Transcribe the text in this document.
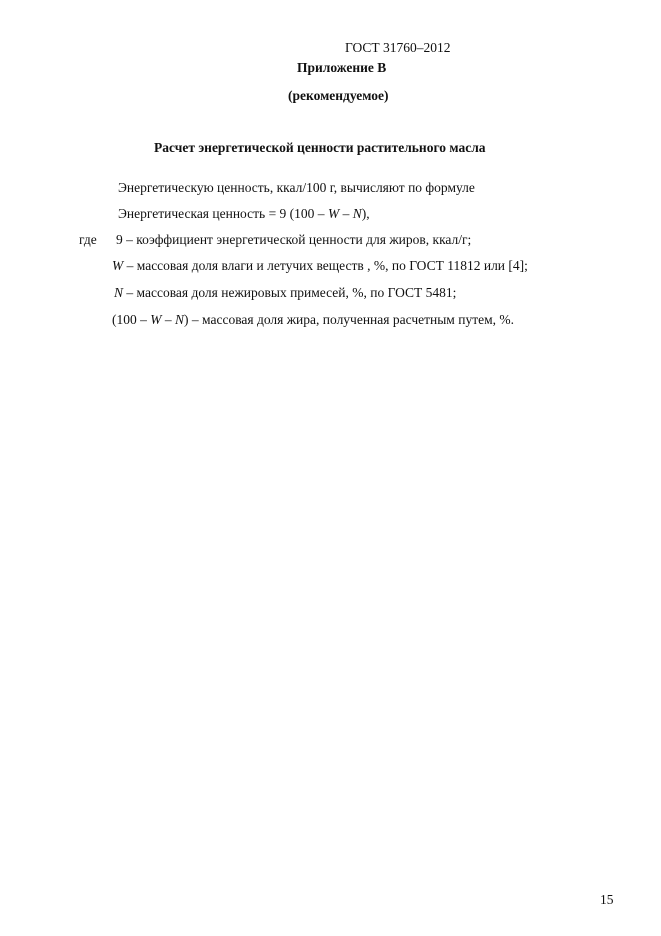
ГОСТ 31760–2012
Приложение В
(рекомендуемое)
Расчет энергетической ценности растительного масла
Энергетическую ценность, ккал/100 г, вычисляют по формуле
Энергетическая ценность = 9 (100 – W – N),
где 9 – коэффициент энергетической ценности для жиров, ккал/г;
W – массовая доля влаги и летучих веществ , %, по ГОСТ 11812 или [4];
N – массовая доля нежировых примесей, %, по ГОСТ 5481;
(100 – W – N) – массовая доля жира, полученная расчетным путем, %.
15
